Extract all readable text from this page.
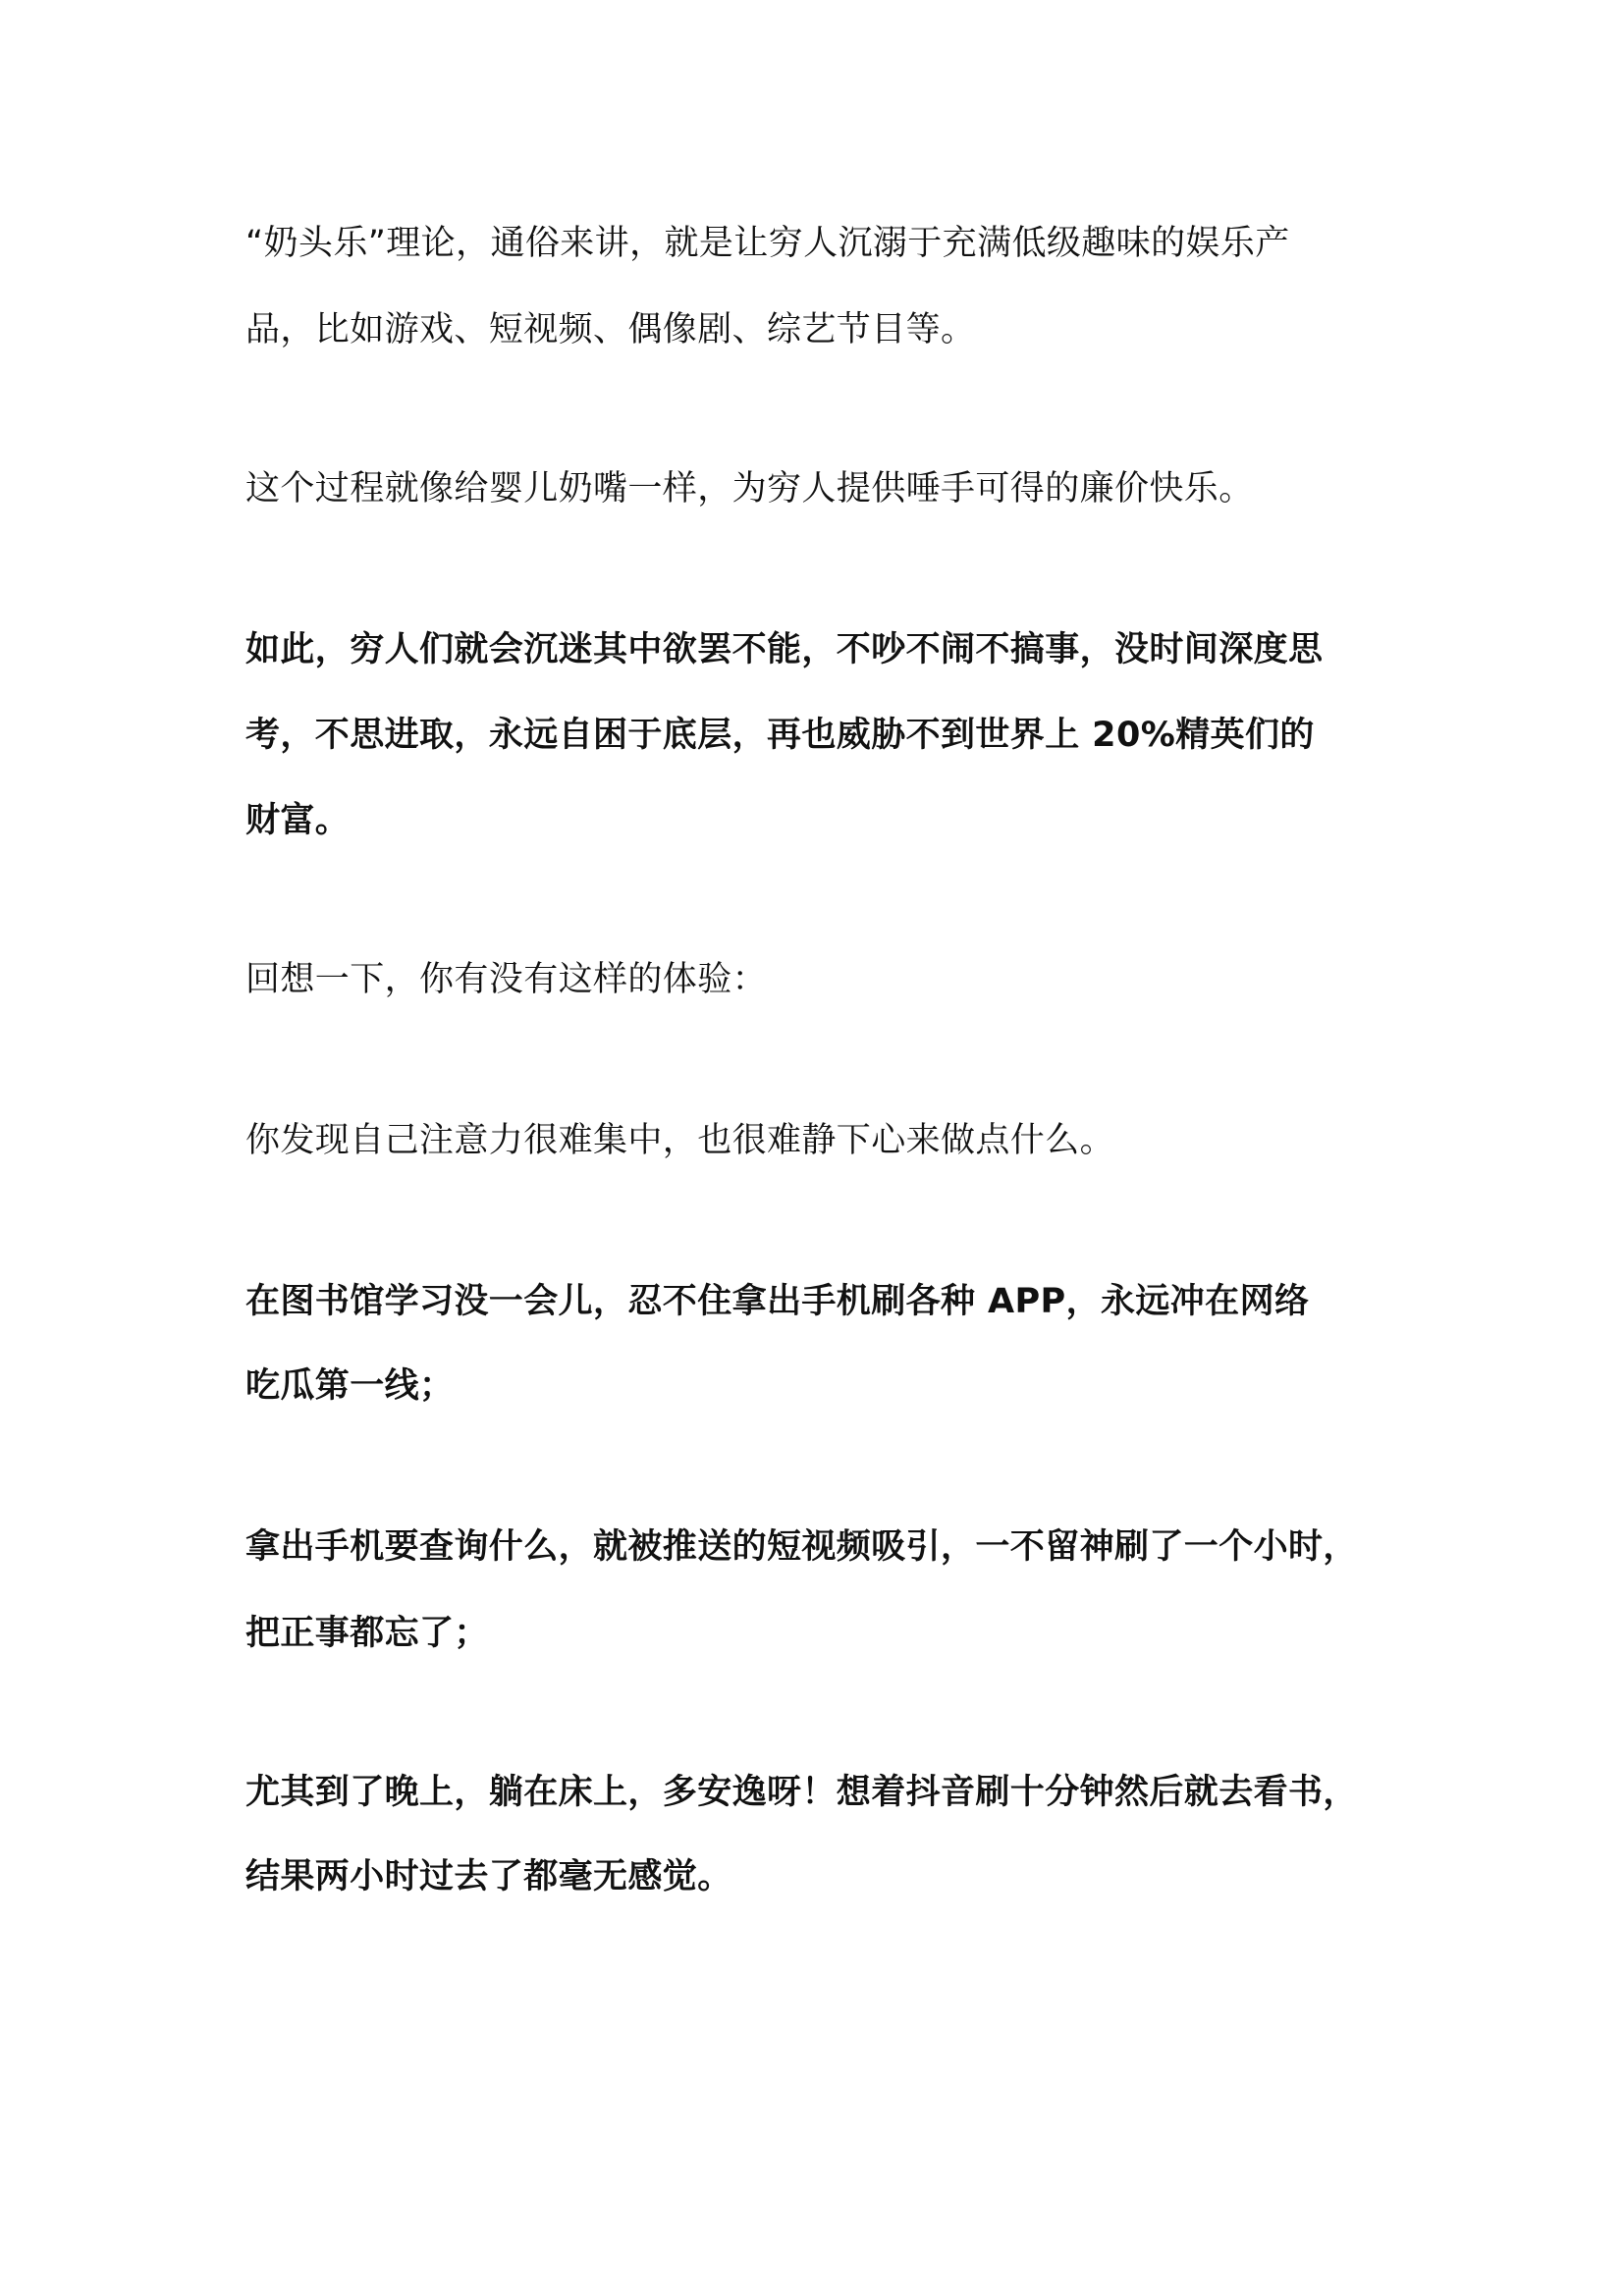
“奶头乐”理论，通俗来讲，就是让穷人沉溺于充满低级趣味的娱乐产
品，比如游戏、短视频、偶像剧、综艺节目等。
这个过程就像给婴儿奶嘴一样，为穷人提供唾手可得的廉价快乐。
如此，穷人们就会沉迷其中欲罢不能，不吵不闹不搞事，没时间深度思
考，不思进取，永远自困于底层，再也威胁不到世界上 20%精英们的
财富。
回想一下，你有没有这样的体验：
你发现自己注意力很难集中，也很难静下心来做点什么。
在图书馆学习没一会儿，忍不住拿出手机刷各种 APP，永远冲在网络
吃瓜第一线；
拿出手机要查询什么，就被推送的短视频吸引，一不留神刷了一个小时，
把正事都忘了；
尤其到了晚上，躺在床上，多安逸呀！想着抖音刷十分钟然后就去看书，
结果两小时过去了都毫无感觉。
